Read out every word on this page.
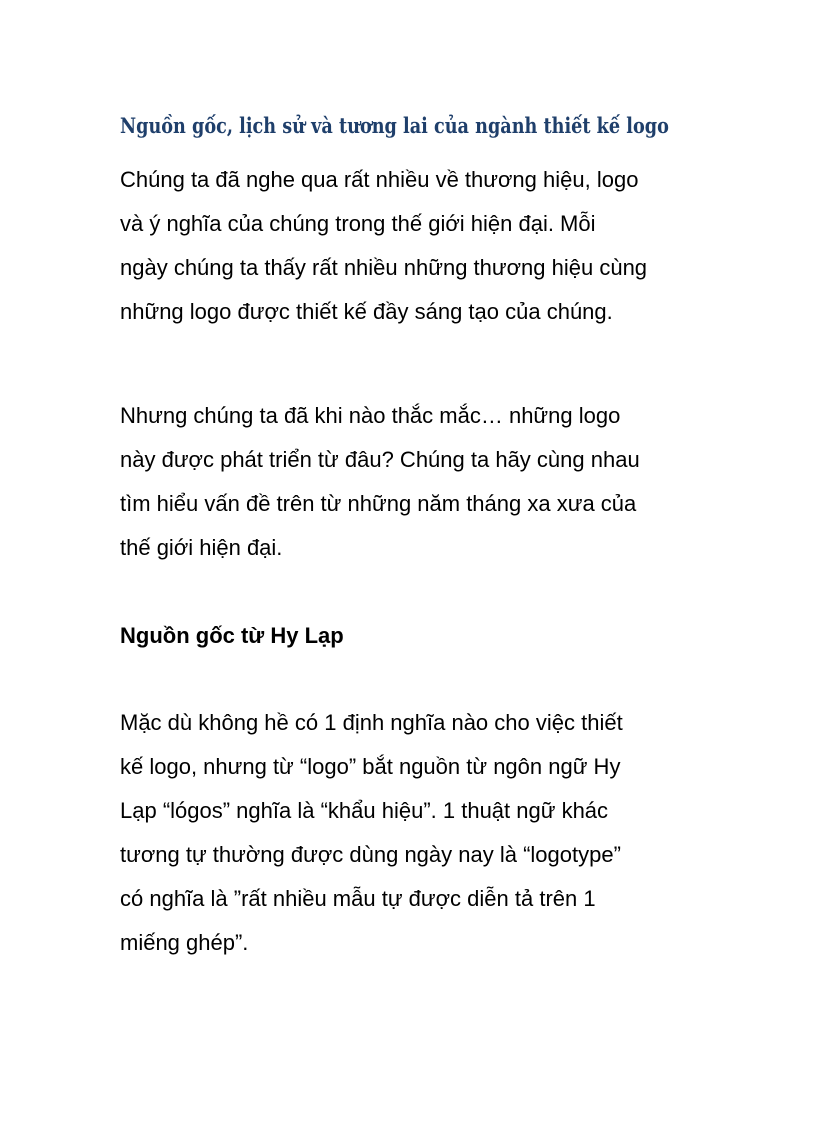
Nguồn gốc, lịch sử và tương lai của ngành thiết kế logo
Chúng ta đã nghe qua rất nhiều về thương hiệu, logo
và ý nghĩa của chúng trong thế giới hiện đại. Mỗi
ngày chúng ta thấy rất nhiều những thương hiệu cùng
những logo được thiết kế đầy sáng tạo của chúng.
Nhưng chúng ta đã khi nào thắc mắc… những logo
này được phát triển từ đâu? Chúng ta hãy cùng nhau
tìm hiểu vấn đề trên từ những năm tháng xa xưa của
thế giới hiện đại.
Nguồn gốc từ Hy Lạp
Mặc dù không hề có 1 định nghĩa nào cho việc thiết
kế logo, nhưng từ “logo” bắt nguồn từ ngôn ngữ Hy
Lạp “lógos” nghĩa là “khẩu hiệu”. 1 thuật ngữ khác
tương tự thường được dùng ngày nay là “logotype”
có nghĩa là ”rất nhiều mẫu tự được diễn tả trên 1
miếng ghép”.
